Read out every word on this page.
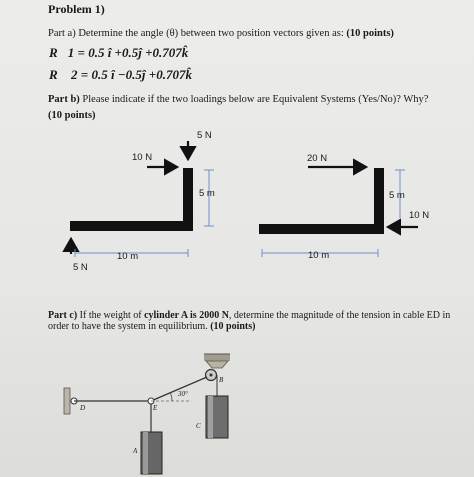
Problem 1)
Part a) Determine the angle (θ) between two position vectors given as: (10 points)
R⃗1 = 0.5 î +0.5ĵ +0.707k̂
R⃗ 2 = 0.5 î −0.5ĵ +0.707k̂
Part b) Please indicate if the two loadings below are Equivalent Systems (Yes/No)? Why?
(10 points)
5 N
10 N
5 m
10 m
5 N
20 N
5 m
10 N
10 m
Part c) If the weight of cylinder A is 2000 N, determine the magnitude of the tension in cable ED in order to have the system in equilibrium. (10 points)
30°
B
C
D	E
A
